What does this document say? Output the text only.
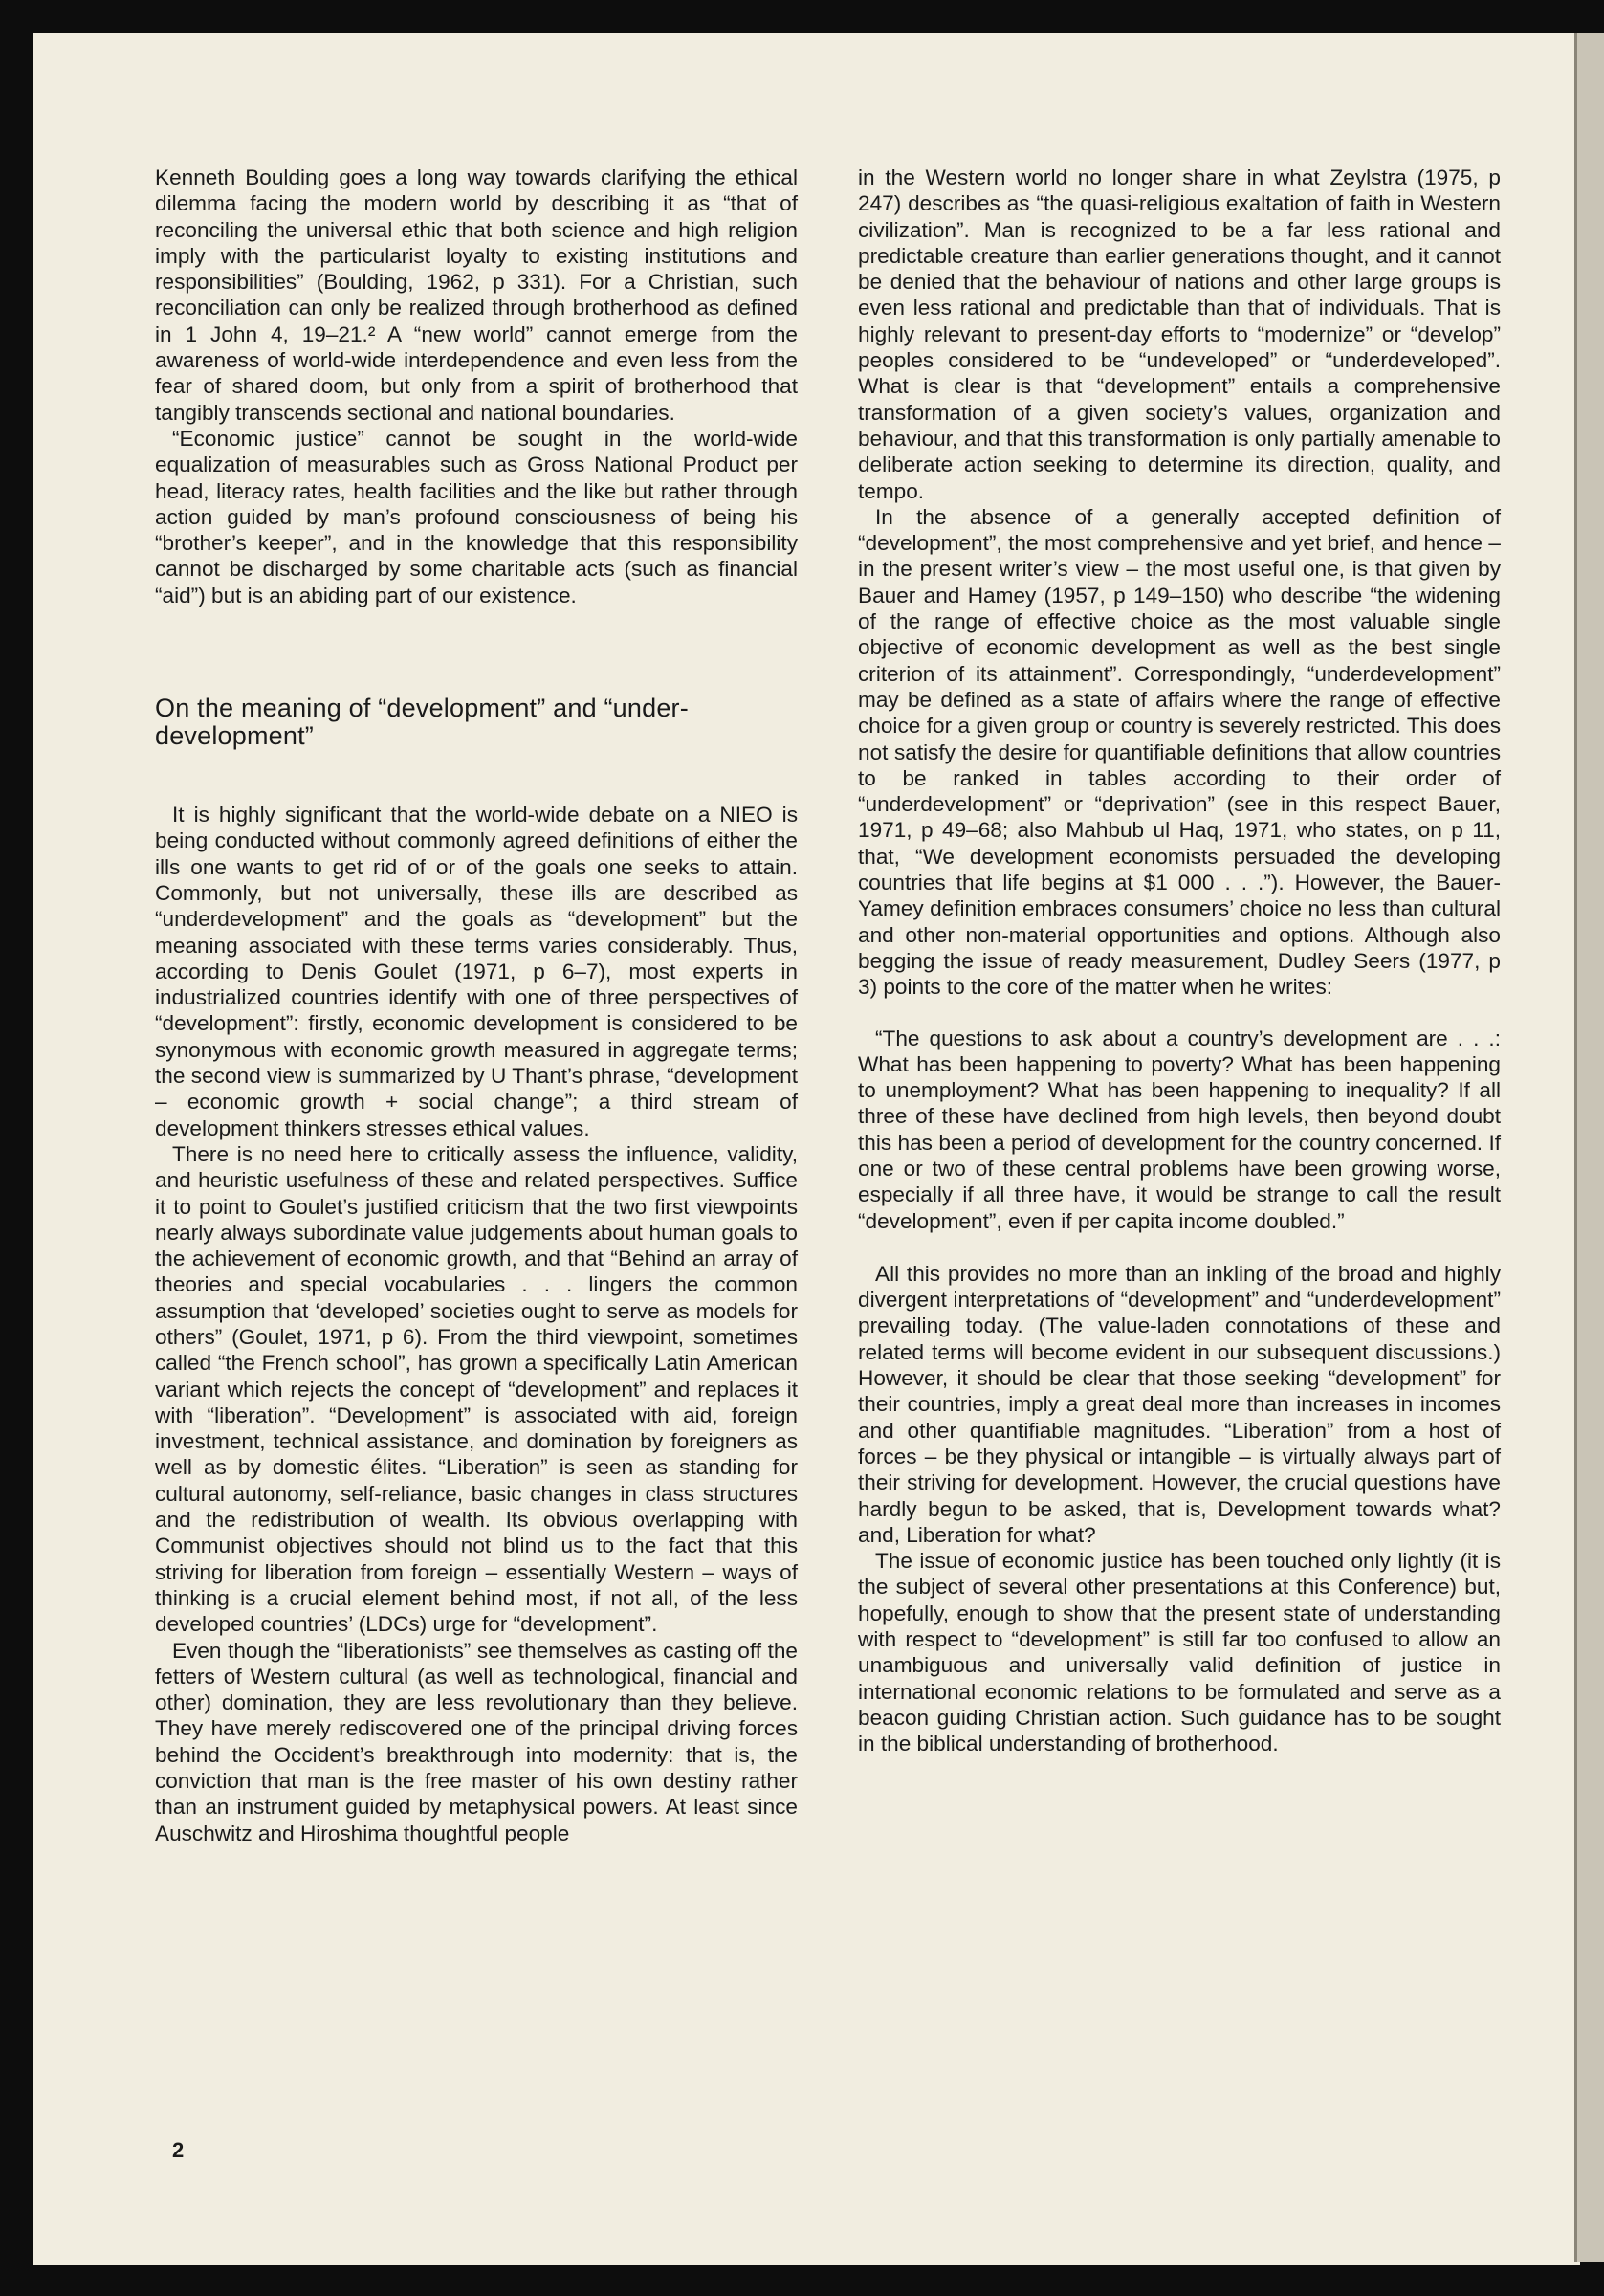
Kenneth Boulding goes a long way towards clarifying the ethical dilemma facing the modern world by describing it as “that of reconciling the universal ethic that both science and high religion imply with the particularist loyalty to existing institutions and responsibilities” (Boulding, 1962, p 331). For a Christian, such reconciliation can only be realized through brotherhood as defined in 1 John 4, 19–21.² A “new world” cannot emerge from the awareness of world-wide interdependence and even less from the fear of shared doom, but only from a spirit of brotherhood that tangibly transcends sectional and national boundaries.

“Economic justice” cannot be sought in the world-wide equalization of measurables such as Gross National Product per head, literacy rates, health facilities and the like but rather through action guided by man’s profound consciousness of being his “brother’s keeper”, and in the knowledge that this responsibility cannot be discharged by some charitable acts (such as financial “aid”) but is an abiding part of our existence.

On the meaning of “development” and “under-development”

It is highly significant that the world-wide debate on a NIEO is being conducted without commonly agreed definitions of either the ills one wants to get rid of or of the goals one seeks to attain. Commonly, but not universally, these ills are described as “underdevelopment” and the goals as “development” but the meaning associated with these terms varies considerably. Thus, according to Denis Goulet (1971, p 6–7), most experts in industrialized countries identify with one of three perspectives of “development”: firstly, economic development is considered to be synonymous with economic growth measured in aggregate terms; the second view is summarized by U Thant’s phrase, “development – economic growth + social change”; a third stream of development thinkers stresses ethical values.

There is no need here to critically assess the influence, validity, and heuristic usefulness of these and related perspectives. Suffice it to point to Goulet’s justified criticism that the two first viewpoints nearly always subordinate value judgements about human goals to the achievement of economic growth, and that “Behind an array of theories and special vocabularies . . . lingers the common assumption that ‘developed’ societies ought to serve as models for others” (Goulet, 1971, p 6). From the third viewpoint, sometimes called “the French school”, has grown a specifically Latin American variant which rejects the concept of “development” and replaces it with “liberation”. “Development” is associated with aid, foreign investment, technical assistance, and domination by foreigners as well as by domestic élites. “Liberation” is seen as standing for cultural autonomy, self-reliance, basic changes in class structures and the redistribution of wealth. Its obvious overlapping with Communist objectives should not blind us to the fact that this striving for liberation from foreign – essentially Western – ways of thinking is a crucial element behind most, if not all, of the less developed countries’ (LDCs) urge for “development”.

Even though the “liberationists” see themselves as casting off the fetters of Western cultural (as well as technological, financial and other) domination, they are less revolutionary than they believe. They have merely rediscovered one of the principal driving forces behind the Occident’s breakthrough into modernity: that is, the conviction that man is the free master of his own destiny rather than an instrument guided by metaphysical powers. At least since Auschwitz and Hiroshima thoughtful people

in the Western world no longer share in what Zeylstra (1975, p 247) describes as “the quasi-religious exaltation of faith in Western civilization”. Man is recognized to be a far less rational and predictable creature than earlier generations thought, and it cannot be denied that the behaviour of nations and other large groups is even less rational and predictable than that of individuals. That is highly relevant to present-day efforts to “modernize” or “develop” peoples considered to be “undeveloped” or “underdeveloped”. What is clear is that “development” entails a comprehensive transformation of a given society’s values, organization and behaviour, and that this transformation is only partially amenable to deliberate action seeking to determine its direction, quality, and tempo.

In the absence of a generally accepted definition of “development”, the most comprehensive and yet brief, and hence – in the present writer’s view – the most useful one, is that given by Bauer and Hamey (1957, p 149–150) who describe “the widening of the range of effective choice as the most valuable single objective of economic development as well as the best single criterion of its attainment”. Correspondingly, “underdevelopment” may be defined as a state of affairs where the range of effective choice for a given group or country is severely restricted. This does not satisfy the desire for quantifiable definitions that allow countries to be ranked in tables according to their order of “underdevelopment” or “deprivation” (see in this respect Bauer, 1971, p 49–68; also Mahbub ul Haq, 1971, who states, on p 11, that, “We development economists persuaded the developing countries that life begins at $1 000 . . .”). However, the Bauer-Yamey definition embraces consumers’ choice no less than cultural and other non-material opportunities and options. Although also begging the issue of ready measurement, Dudley Seers (1977, p 3) points to the core of the matter when he writes:

“The questions to ask about a country’s development are . . .: What has been happening to poverty? What has been happening to unemployment? What has been happening to inequality? If all three of these have declined from high levels, then beyond doubt this has been a period of development for the country concerned. If one or two of these central problems have been growing worse, especially if all three have, it would be strange to call the result “development”, even if per capita income doubled.”

All this provides no more than an inkling of the broad and highly divergent interpretations of “development” and “underdevelopment” prevailing today. (The value-laden connotations of these and related terms will become evident in our subsequent discussions.) However, it should be clear that those seeking “development” for their countries, imply a great deal more than increases in incomes and other quantifiable magnitudes. “Liberation” from a host of forces – be they physical or intangible – is virtually always part of their striving for development. However, the crucial questions have hardly begun to be asked, that is, Development towards what? and, Liberation for what?

The issue of economic justice has been touched only lightly (it is the subject of several other presentations at this Conference) but, hopefully, enough to show that the present state of understanding with respect to “development” is still far too confused to allow an unambiguous and universally valid definition of justice in international economic relations to be formulated and serve as a beacon guiding Christian action. Such guidance has to be sought in the biblical understanding of brotherhood.

2
